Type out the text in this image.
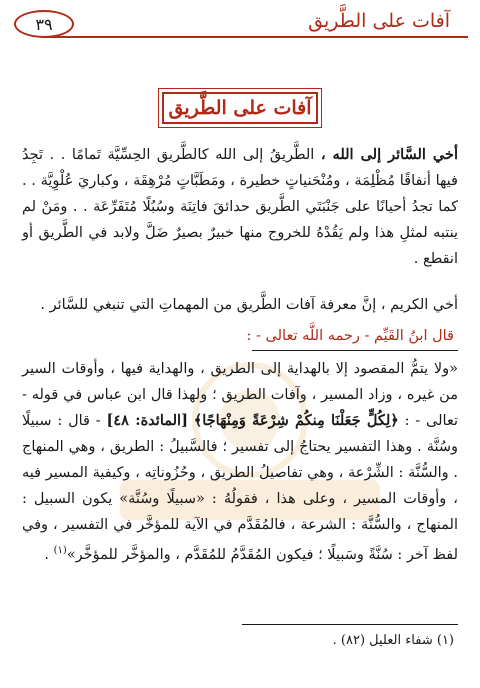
آفات على الطَّريق
٣٩
آفات على الطَّريق
أخي السَّائر إلى الله ، الطَّريقُ إلى الله كالطَّريق الحِسِّيَّة تَمامًا . . تَجِدُ فيها أنفاقًا مُظْلِمَة ، ومُنْحَنياتٍ خطيرة ، ومَطَبَّاتٍ مُرْهِقَة ، وكباريَ عُلْوِيَّة . . كما تجدُ أحيانًا على جَنْبَتَي الطَّريق حدائقَ فاتِنَة وسُبُلًا مُتَفَرِّعَة . . ومَنْ لم ينتبه لمثلِ هذا ولم يَقُدْهُ للخروج منها خبيرٌ بصيرٌ ضَلَّ ولابد في الطَّريق أو انقطع .
أخي الكريم ، إنَّ معرفة آفات الطَّريق من المهماتِ التي تنبغي للسَّائر .
قال ابنُ القَيِّم - رحمه اللَّه تعالى - :
«ولا يتمُّ المقصود إلا بالهداية إلى الطريق ، والهداية فيها ، وأوقات السير من غيره ، وزاد المسير ، وآفات الطريق ؛ ولهذا قال ابن عباس في قوله - تعالى - : ﴿لِكُلٍّ جَعَلْنَا مِنكُمْ شِرْعَةً وَمِنْهَاجًا﴾ [المائدة: ٤٨] - قال : سبيلًا وسُنَّة . وهذا التفسير يحتاجُ إلى تفسير ؛ فالسَّبيلُ : الطريق ، وهي المنهاج . والسُّنَّة : الشِّرْعة ، وهي تفاصيلُ الطريق ، وحُزُوناتِه ، وكيفية المسير فيه ، وأوقات المسير ، وعلى هذا ، فقولُهُ : «سبيلًا وسُنَّة» يكون السبيل : المنهاج ، والسُّنَّة : الشرعة ، فالمُقَدَّم في الآية للمؤخَّر في التفسير ، وفي لفظ آخر : سُنَّةً وسَبيلًا ؛ فيكون المُقَدَّمُ للمُقَدَّم ، والمؤخَّر للمؤخَّر»$^{(١)}$ .
(١) شفاء العليل (٨٢) .
